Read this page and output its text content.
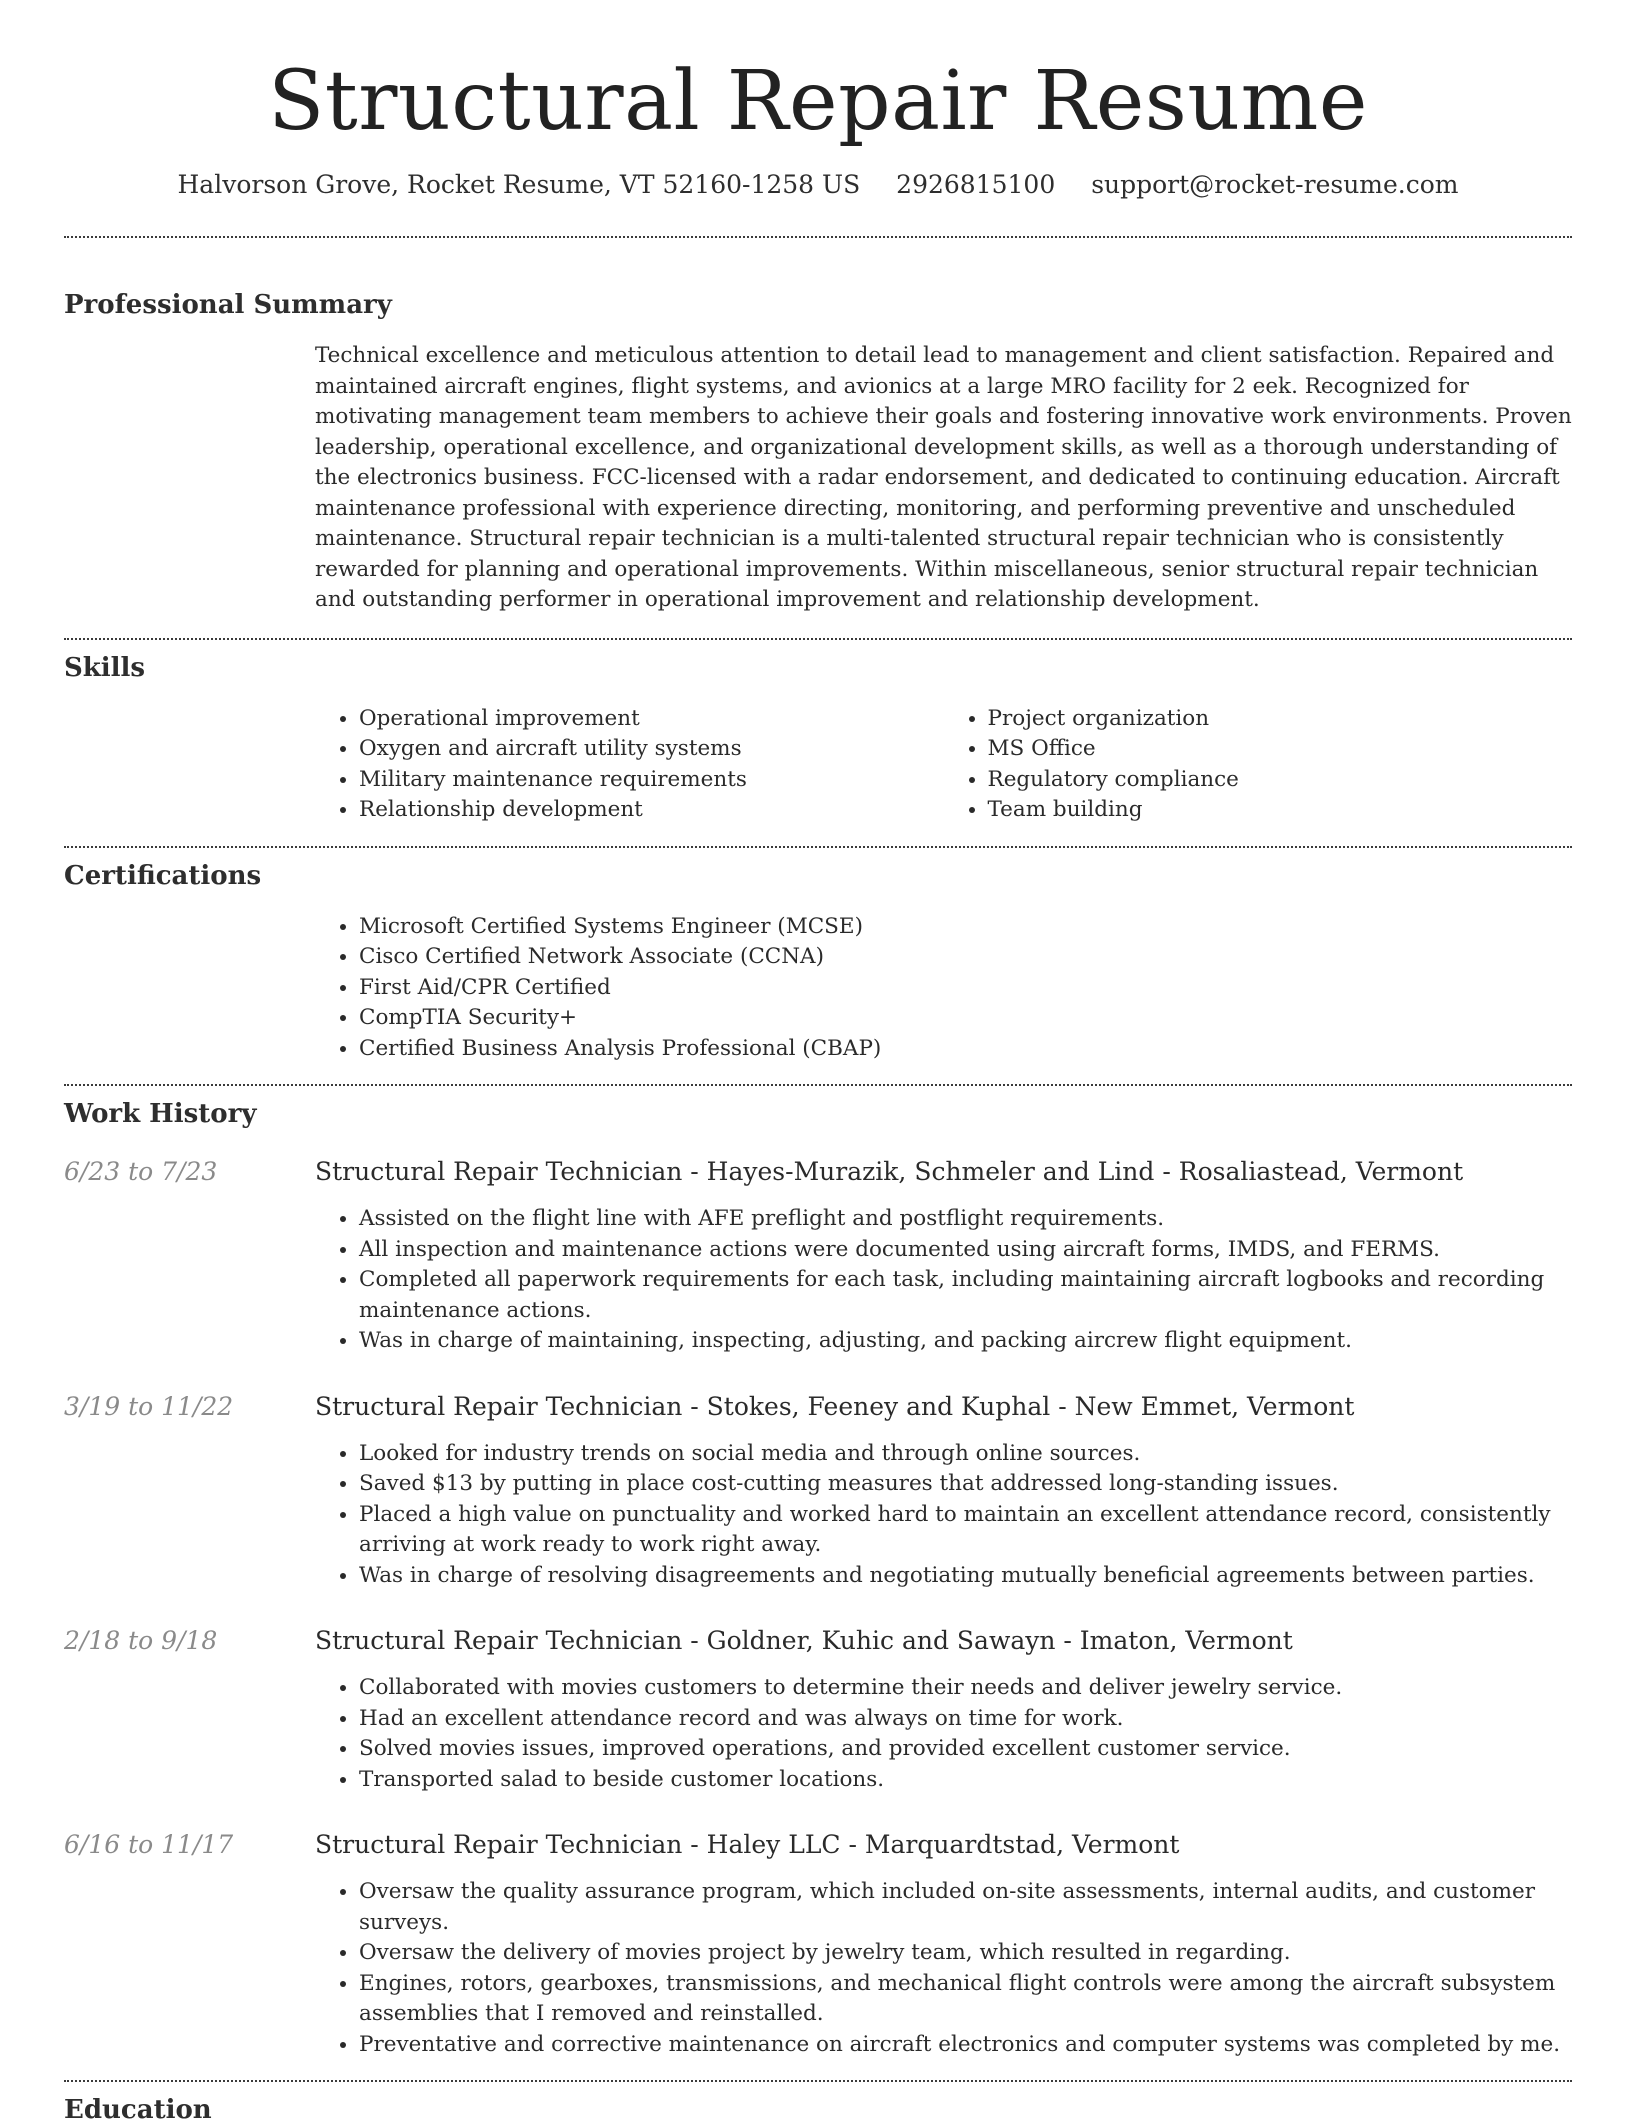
Structural Repair Resume
Halvorson Grove, Rocket Resume, VT 52160-1258 US 2926815100 support@rocket-resume.com
Professional Summary

Technical excellence and meticulous attention to detail lead to management and client satisfaction. Repaired and maintained aircraft engines, flight systems, and avionics at a large MRO facility for 2 eek. Recognized for motivating management team members to achieve their goals and fostering innovative work environments. Proven leadership, operational excellence, and organizational development skills, as well as a thorough understanding of the electronics business. FCC-licensed with a radar endorsement, and dedicated to continuing education. Aircraft maintenance professional with experience directing, monitoring, and performing preventive and unscheduled maintenance. Structural repair technician is a multi-talented structural repair technician who is consistently rewarded for planning and operational improvements. Within miscellaneous, senior structural repair technician and outstanding performer in operational improvement and relationship development.

Skills
• Operational improvement
• Oxygen and aircraft utility systems
• Military maintenance requirements
• Relationship development
• Project organization
• MS Office
• Regulatory compliance
• Team building
Certifications
• Microsoft Certified Systems Engineer (MCSE)
• Cisco Certified Network Associate (CCNA)
• First Aid/CPR Certified
• CompTIA Security+
• Certified Business Analysis Professional (CBAP)
Work History
6/23 to 7/23	Structural Repair Technician - Hayes-Murazik, Schmeler and Lind - Rosaliastead, Vermont
• Assisted on the flight line with AFE preflight and postflight requirements.
• All inspection and maintenance actions were documented using aircraft forms, IMDS, and FERMS.
• Completed all paperwork requirements for each task, including maintaining aircraft logbooks and recording maintenance actions.
• Was in charge of maintaining, inspecting, adjusting, and packing aircrew flight equipment.
3/19 to 11/22	Structural Repair Technician - Stokes, Feeney and Kuphal - New Emmet, Vermont
• Looked for industry trends on social media and through online sources.
• Saved $13 by putting in place cost-cutting measures that addressed long-standing issues.
• Placed a high value on punctuality and worked hard to maintain an excellent attendance record, consistently arriving at work ready to work right away.
• Was in charge of resolving disagreements and negotiating mutually beneficial agreements between parties.
2/18 to 9/18	Structural Repair Technician - Goldner, Kuhic and Sawayn - Imaton, Vermont
• Collaborated with movies customers to determine their needs and deliver jewelry service.
• Had an excellent attendance record and was always on time for work.
• Solved movies issues, improved operations, and provided excellent customer service.
• Transported salad to beside customer locations.
6/16 to 11/17	Structural Repair Technician - Haley LLC - Marquardtstad, Vermont
• Oversaw the quality assurance program, which included on-site assessments, internal audits, and customer surveys.
• Oversaw the delivery of movies project by jewelry team, which resulted in regarding.
• Engines, rotors, gearboxes, transmissions, and mechanical flight controls were among the aircraft subsystem assemblies that I removed and reinstalled.
• Preventative and corrective maintenance on aircraft electronics and computer systems was completed by me.
Education
